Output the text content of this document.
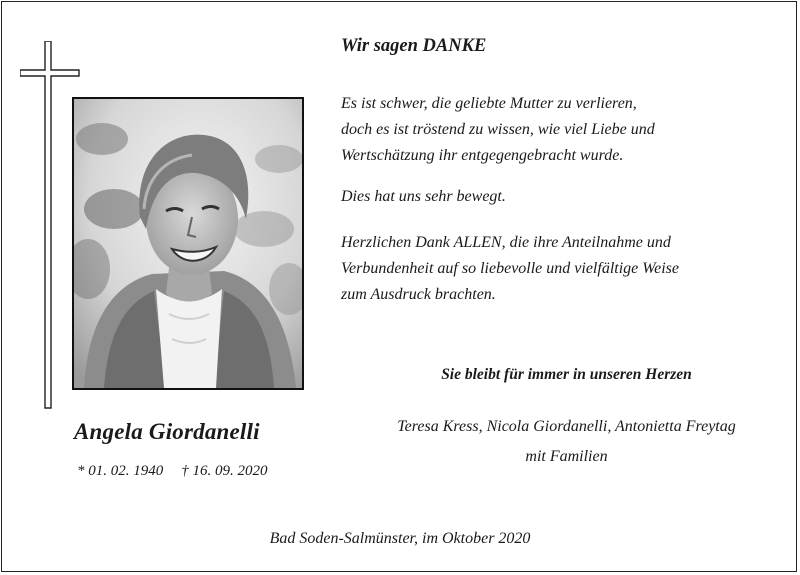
Angela Giordanelli
* 01. 02. 1940 † 16. 09. 2020
Wir sagen DANKE
Es ist schwer, die geliebte Mutter zu verlieren,
doch es ist tröstend zu wissen, wie viel Liebe und
Wertschätzung ihr entgegengebracht wurde.
Dies hat uns sehr bewegt.
Herzlichen Dank ALLEN, die ihre Anteilnahme und
Verbundenheit auf so liebevolle und vielfältige Weise
zum Ausdruck brachten.
Sie bleibt für immer in unseren Herzen
Teresa Kress, Nicola Giordanelli, Antonietta Freytag
mit Familien
Bad Soden-Salmünster, im Oktober 2020
